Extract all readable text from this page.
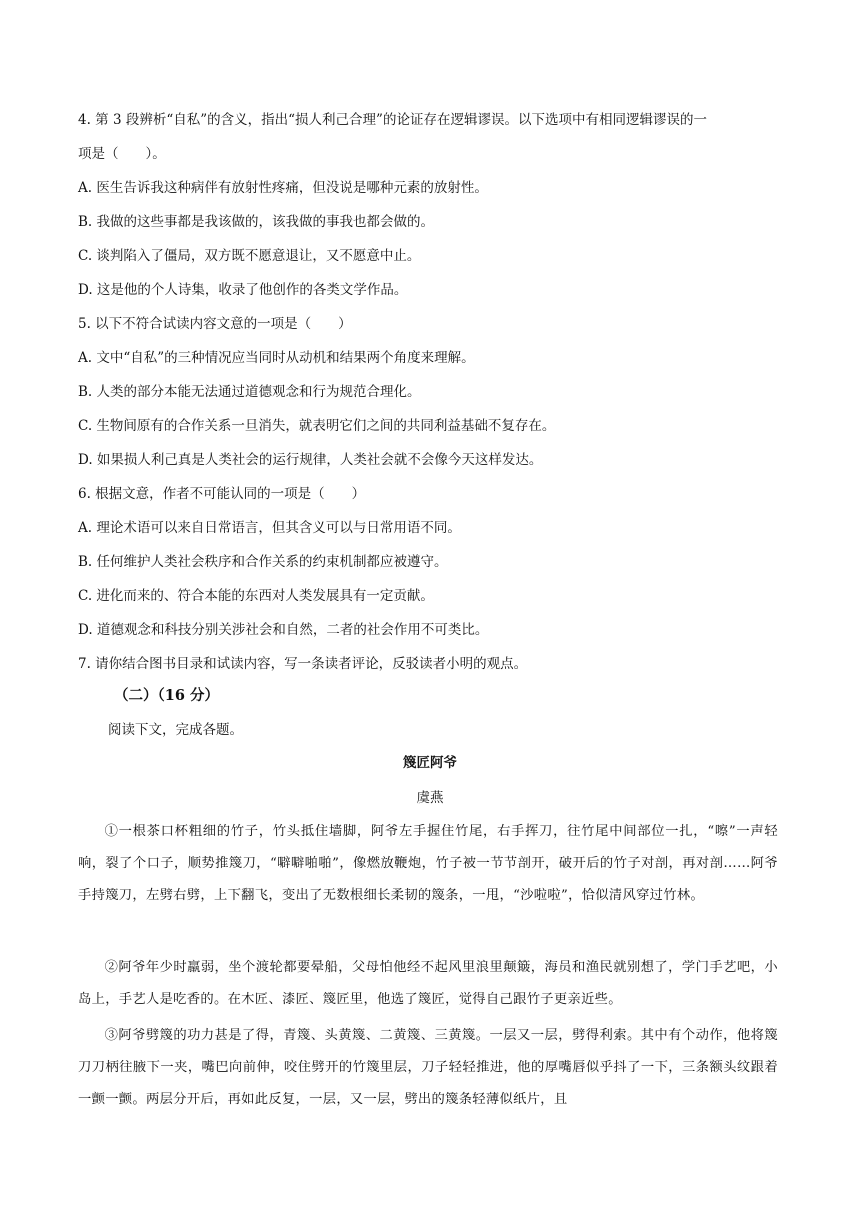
4. 第 3 段辨析“自私”的含义，指出“损人利己合理”的论证存在逻辑谬误。以下选项中有相同逻辑谬误的一
项是（　　）。
A. 医生告诉我这种病伴有放射性疼痛，但没说是哪种元素的放射性。
B. 我做的这些事都是我该做的，该我做的事我也都会做的。
C. 谈判陷入了僵局，双方既不愿意退让，又不愿意中止。
D. 这是他的个人诗集，收录了他创作的各类文学作品。
5. 以下不符合试读内容文意的一项是（　　）
A. 文中“自私”的三种情况应当同时从动机和结果两个角度来理解。
B. 人类的部分本能无法通过道德观念和行为规范合理化。
C. 生物间原有的合作关系一旦消失，就表明它们之间的共同利益基础不复存在。
D. 如果损人利己真是人类社会的运行规律，人类社会就不会像今天这样发达。
6. 根据文意，作者不可能认同的一项是（　　）
A. 理论术语可以来自日常语言，但其含义可以与日常用语不同。
B. 任何维护人类社会秩序和合作关系的约束机制都应被遵守。
C. 进化而来的、符合本能的东西对人类发展具有一定贡献。
D. 道德观念和科技分别关涉社会和自然，二者的社会作用不可类比。
7. 请你结合图书目录和试读内容，写一条读者评论，反驳读者小明的观点。
（二）（16 分）
阅读下文，完成各题。
篾匠阿爷
虞燕
①一根茶口杯粗细的竹子，竹头抵住墙脚，阿爷左手握住竹尾，右手挥刀，往竹尾中间部位一扎，“嚓”一声轻响，裂了个口子，顺势推篾刀，“噼噼啪啪”，像燃放鞭炮，竹子被一节节剖开，破开后的竹子对剖，再对剖……阿爷手持篾刀，左劈右劈，上下翻飞，变出了无数根细长柔韧的篾条，一甩，“沙啦啦”，恰似清风穿过竹林。
②阿爷年少时羸弱，坐个渡轮都要晕船，父母怕他经不起风里浪里颠簸，海员和渔民就别想了，学门手艺吧，小岛上，手艺人是吃香的。在木匠、漆匠、篾匠里，他选了篾匠，觉得自己跟竹子更亲近些。
③阿爷劈篾的功力甚是了得，青篾、头黄篾、二黄篾、三黄篾。一层又一层，劈得利索。其中有个动作，他将篾刀刀柄往腋下一夹，嘴巴向前伸，咬住劈开的竹篾里层，刀子轻轻推进，他的厚嘴唇似乎抖了一下，三条额头纹跟着一颤一颤。两层分开后，再如此反复，一层，又一层，劈出的篾条轻薄似纸片，且
